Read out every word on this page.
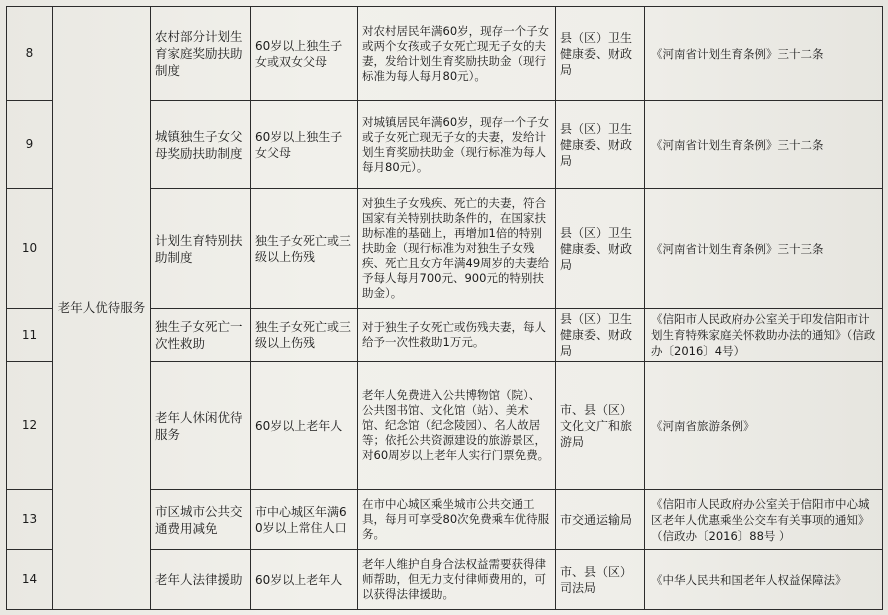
8	老年人优待服务	农村部分计划生育家庭奖励扶助制度	60岁以上独生子女或双女父母	对农村居民年满60岁，现存一个子女或两个女孩或子女死亡现无子女的夫妻，发给计划生育奖励扶助金（现行标准为每人每月80元）。	县（区）卫生健康委、财政局	《河南省计划生育条例》三十二条
9		城镇独生子女父母奖励扶助制度	60岁以上独生子女父母	对城镇居民年满60岁，现存一个子女或子女死亡现无子女的夫妻，发给计划生育奖励扶助金（现行标准为每人每月80元）。	县（区）卫生健康委、财政局	《河南省计划生育条例》三十二条
10		计划生育特别扶助制度	独生子女死亡或三级以上伤残	对独生子女残疾、死亡的夫妻，符合国家有关特别扶助条件的，在国家扶助标准的基础上，再增加1倍的特别扶助金（现行标准为对独生子女残疾、死亡且女方年满49周岁的夫妻给予每人每月700元、900元的特别扶助金）。	县（区）卫生健康委、财政局	《河南省计划生育条例》三十三条
11		独生子女死亡一次性救助	独生子女死亡或三级以上伤残	对于独生子女死亡或伤残夫妻，每人给予一次性救助1万元。	县（区）卫生健康委、财政局	《信阳市人民政府办公室关于印发信阳市计划生育特殊家庭关怀救助办法的通知》（信政办〔2016〕4号）
12		老年人休闲优待服务	60岁以上老年人	老年人免费进入公共博物馆（院）、公共图书馆、文化馆（站）、美术馆、纪念馆（纪念陵园）、名人故居等；依托公共资源建设的旅游景区，对60周岁以上老年人实行门票免费。	市、县（区）文化文广和旅游局	《河南省旅游条例》
13		市区城市公共交通费用减免	市中心城区年满60岁以上常住人口	在市中心城区乘坐城市公共交通工具，每月可享受80次免费乘车优待服务。	市交通运输局	《信阳市人民政府办公室关于信阳市中心城区老年人优惠乘坐公交车有关事项的通知》（信政办〔2016〕88号 ）
14		老年人法律援助	60岁以上老年人	老年人维护自身合法权益需要获得律师帮助，但无力支付律师费用的，可以获得法律援助。	市、县（区）司法局	《中华人民共和国老年人权益保障法》
